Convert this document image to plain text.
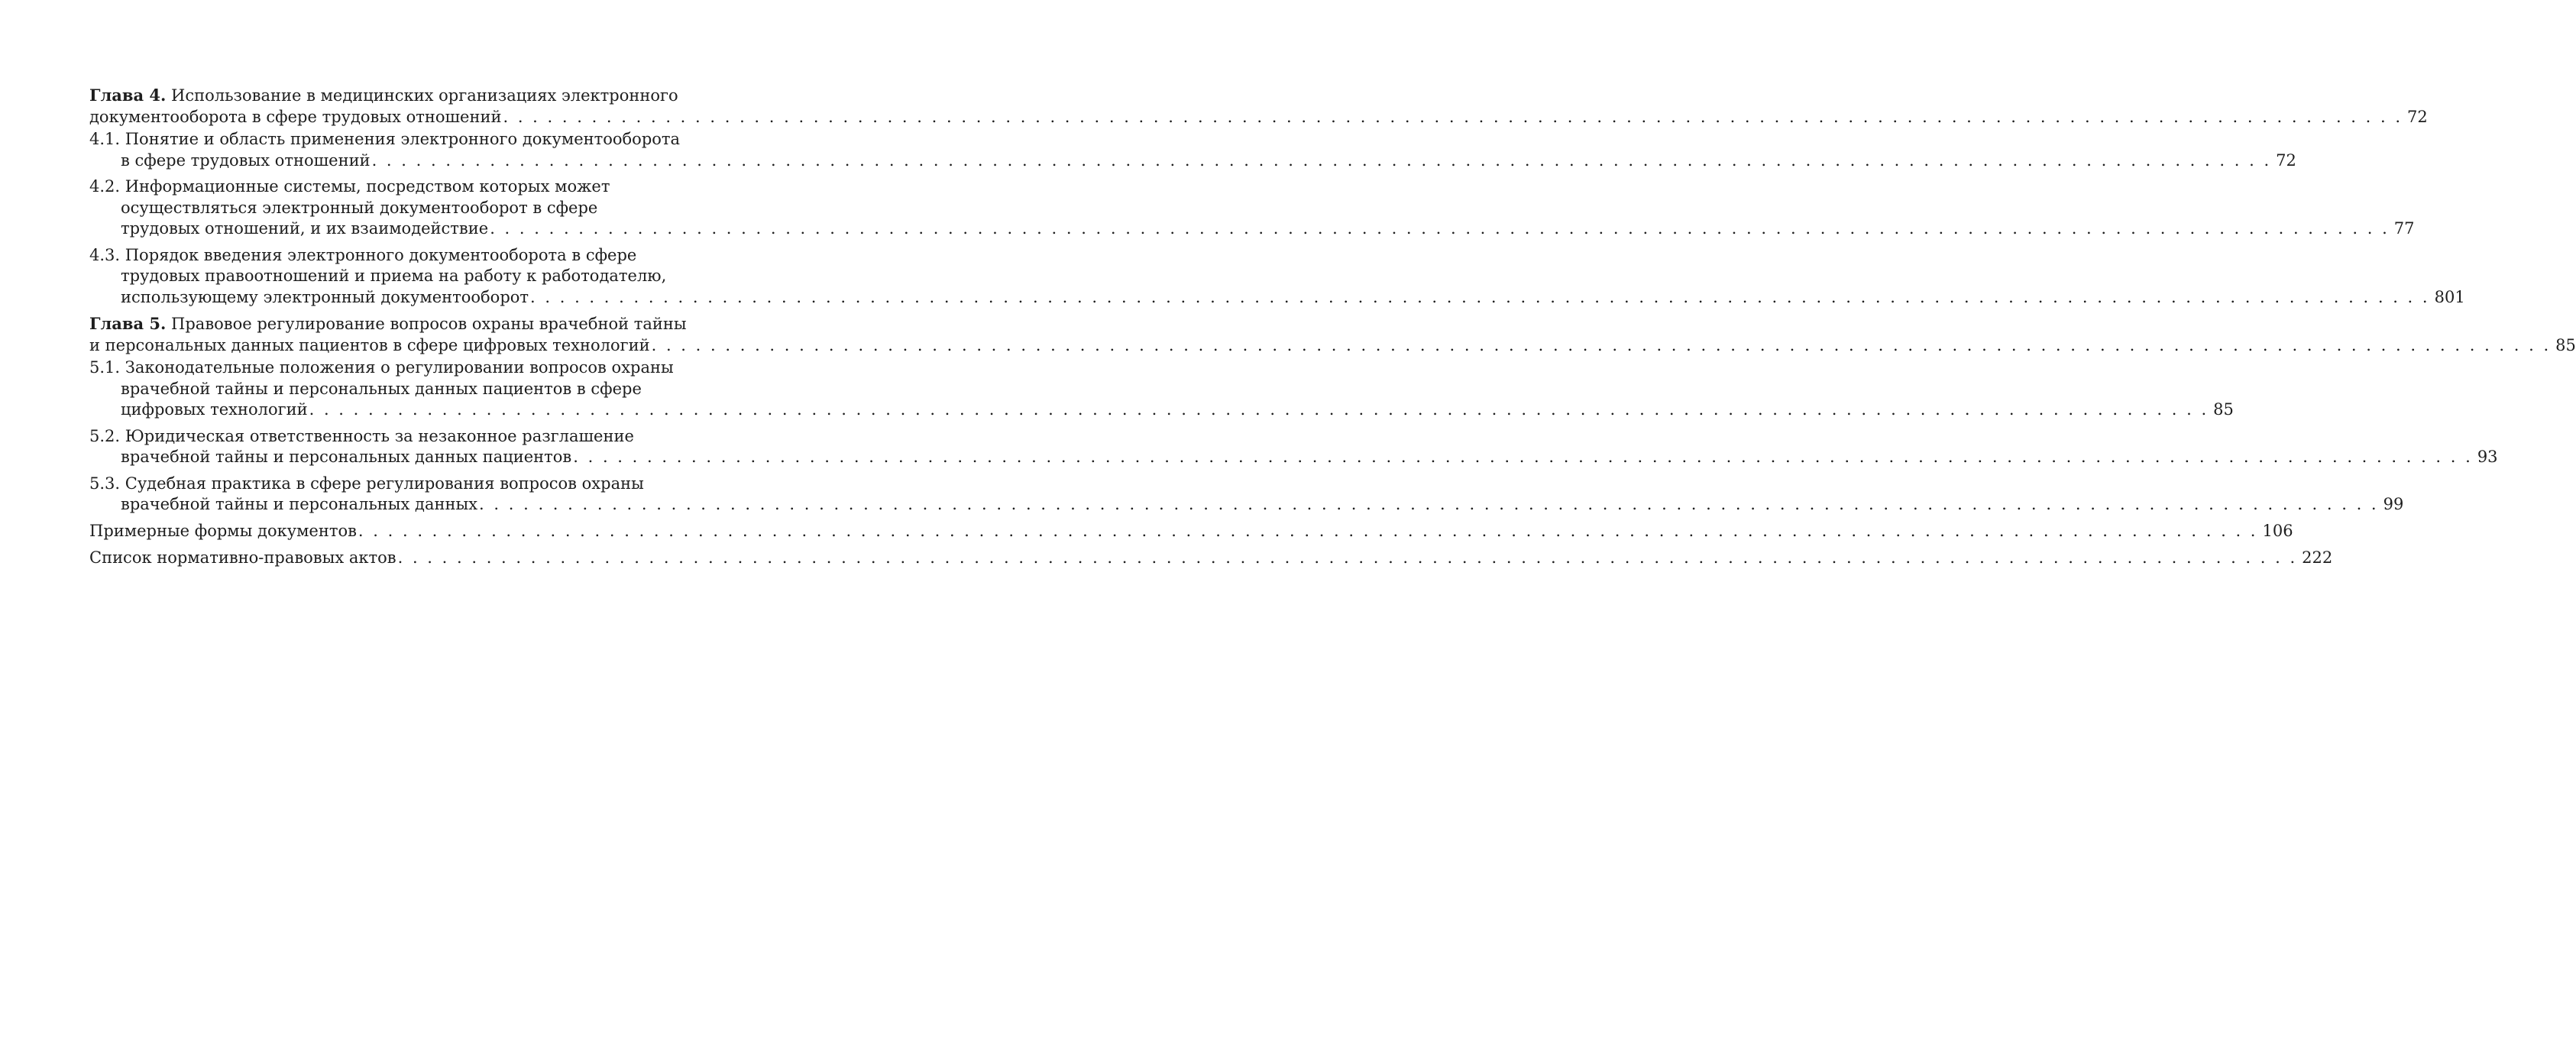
Глава 4. Использование в медицинских организациях электронного
документооборота в сфере трудовых отношений . . .	72
4.1. Понятие и область применения электронного документооборота
в сфере трудовых отношений . . .	72
4.2. Информационные системы, посредством которых может
осуществляться электронный документооборот в сфере
трудовых отношений, и их взаимодействие . . .	77
4.3. Порядок введения электронного документооборота в сфере
трудовых правоотношений и приема на работу к работодателю,
использующему электронный документооборот . . .	801
Глава 5. Правовое регулирование вопросов охраны врачебной тайны
и персональных данных пациентов в сфере цифровых технологий . . .	85
5.1. Законодательные положения о регулировании вопросов охраны
врачебной тайны и персональных данных пациентов в сфере
цифровых технологий . . .	85
5.2. Юридическая ответственность за незаконное разглашение
врачебной тайны и персональных данных пациентов . . .	93
5.3. Судебная практика в сфере регулирования вопросов охраны
врачебной тайны и персональных данных . . .	99
Примерные формы документов . . .	106
Список нормативно-правовых актов . . .	222
